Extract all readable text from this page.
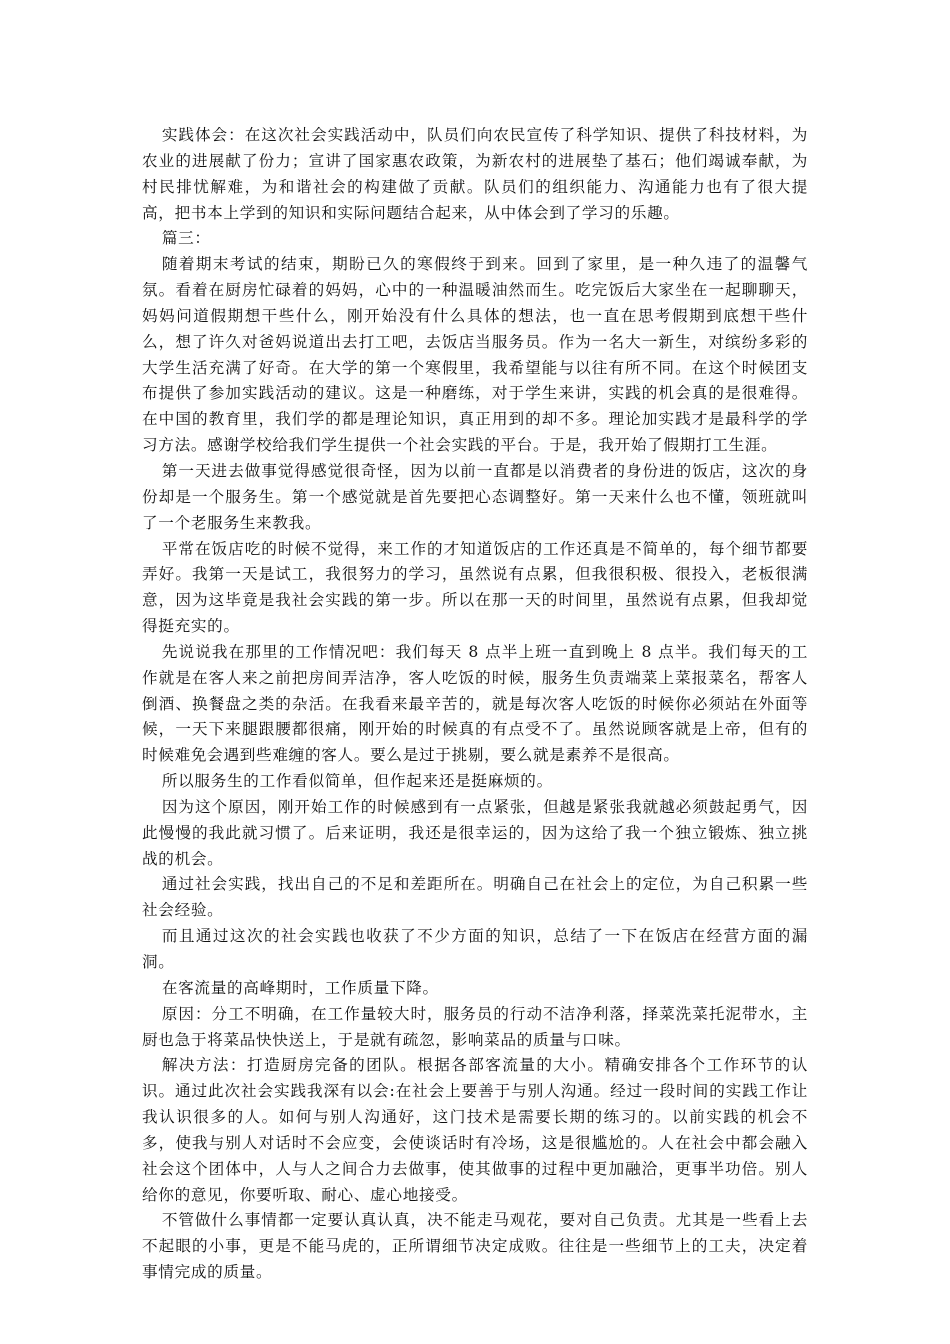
实践体会：在这次社会实践活动中，队员们向农民宣传了科学知识、提供了科技材料，为农业的进展献了份力；宣讲了国家惠农政策，为新农村的进展垫了基石；他们竭诚奉献，为村民排忧解难，为和谐社会的构建做了贡献。队员们的组织能力、沟通能力也有了很大提高，把书本上学到的知识和实际问题结合起来，从中体会到了学习的乐趣。

篇三：

随着期末考试的结束，期盼已久的寒假终于到来。回到了家里，是一种久违了的温馨气氛。看着在厨房忙碌着的妈妈，心中的一种温暖油然而生。吃完饭后大家坐在一起聊聊天，妈妈问道假期想干些什么，刚开始没有什么具体的想法，也一直在思考假期到底想干些什么，想了许久对爸妈说道出去打工吧，去饭店当服务员。作为一名大一新生，对缤纷多彩的大学生活充满了好奇。在大学的第一个寒假里，我希望能与以往有所不同。在这个时候团支布提供了参加实践活动的建议。这是一种磨练，对于学生来讲，实践的机会真的是很难得。在中国的教育里，我们学的都是理论知识，真正用到的却不多。理论加实践才是最科学的学习方法。感谢学校给我们学生提供一个社会实践的平台。于是，我开始了假期打工生涯。

第一天进去做事觉得感觉很奇怪，因为以前一直都是以消费者的身份进的饭店，这次的身份却是一个服务生。第一个感觉就是首先要把心态调整好。第一天来什么也不懂，领班就叫了一个老服务生来教我。

平常在饭店吃的时候不觉得，来工作的才知道饭店的工作还真是不简单的，每个细节都要弄好。我第一天是试工，我很努力的学习，虽然说有点累，但我很积极、很投入，老板很满意，因为这毕竟是我社会实践的第一步。所以在那一天的时间里，虽然说有点累，但我却觉得挺充实的。

先说说我在那里的工作情况吧：我们每天 8 点半上班一直到晚上 8 点半。我们每天的工作就是在客人来之前把房间弄洁净，客人吃饭的时候，服务生负责端菜上菜报菜名，帮客人倒酒、换餐盘之类的杂活。在我看来最辛苦的，就是每次客人吃饭的时候你必须站在外面等候，一天下来腿跟腰都很痛，刚开始的时候真的有点受不了。虽然说顾客就是上帝，但有的时候难免会遇到些难缠的客人。要么是过于挑剔，要么就是素养不是很高。

所以服务生的工作看似简单，但作起来还是挺麻烦的。

因为这个原因，刚开始工作的时候感到有一点紧张，但越是紧张我就越必须鼓起勇气，因此慢慢的我此就习惯了。后来证明，我还是很幸运的，因为这给了我一个独立锻炼、独立挑战的机会。

通过社会实践，找出自己的不足和差距所在。明确自己在社会上的定位，为自己积累一些社会经验。

而且通过这次的社会实践也收获了不少方面的知识，总结了一下在饭店在经营方面的漏洞。

在客流量的高峰期时，工作质量下降。

原因：分工不明确，在工作量较大时，服务员的行动不洁净利落，择菜洗菜托泥带水，主厨也急于将菜品快快送上，于是就有疏忽，影响菜品的质量与口味。

解决方法：打造厨房完备的团队。根据各部客流量的大小。精确安排各个工作环节的认识。通过此次社会实践我深有以会:在社会上要善于与别人沟通。经过一段时间的实践工作让我认识很多的人。如何与别人沟通好，这门技术是需要长期的练习的。以前实践的机会不多，使我与别人对话时不会应变，会使谈话时有冷场，这是很尴尬的。人在社会中都会融入社会这个团体中，人与人之间合力去做事，使其做事的过程中更加融洽，更事半功倍。别人给你的意见，你要听取、耐心、虚心地接受。

不管做什么事情都一定要认真认真，决不能走马观花，要对自己负责。尤其是一些看上去不起眼的小事，更是不能马虎的，正所谓细节决定成败。往往是一些细节上的工夫，决定着事情完成的质量。
